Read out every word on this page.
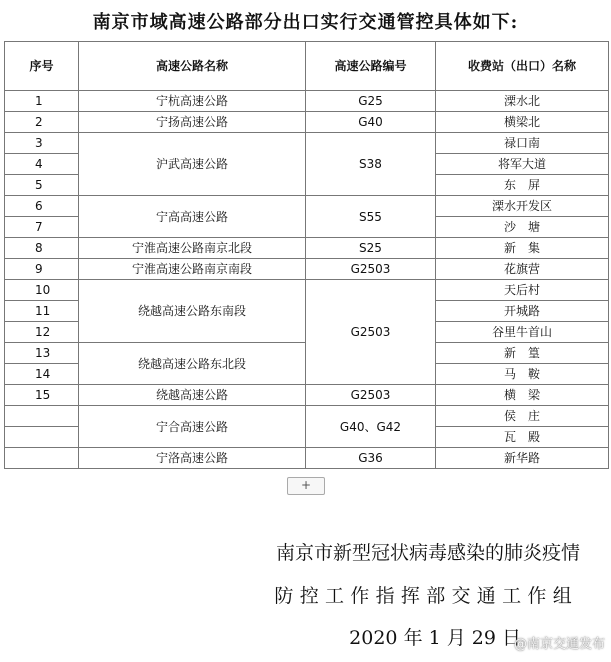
南京市域高速公路部分出口实行交通管控具体如下:
序号	高速公路名称	高速公路编号	收费站（出口）名称
1	宁杭高速公路	G25	溧水北
2	宁扬高速公路	G40	横梁北
3	沪武高速公路	S38	禄口南
4			将军大道
5			东　屏
6	宁高高速公路	S55	溧水开发区
7			沙　塘
8	宁淮高速公路南京北段	S25	新　集
9	宁淮高速公路南京南段	G2503	花旗营
10	绕越高速公路东南段	G2503	天后村
11			开城路
12			谷里牛首山
13	绕越高速公路东北段		新　篁
14			马　鞍
15	绕越高速公路	G2503	横　梁
	宁合高速公路	G40、G42	侯　庄
			瓦　殿
	宁洛高速公路	G36	新华路
+
南京市新型冠状病毒感染的肺炎疫情
防控工作指挥部交通工作组
2020 年 1 月 29 日
@南京交通发布
